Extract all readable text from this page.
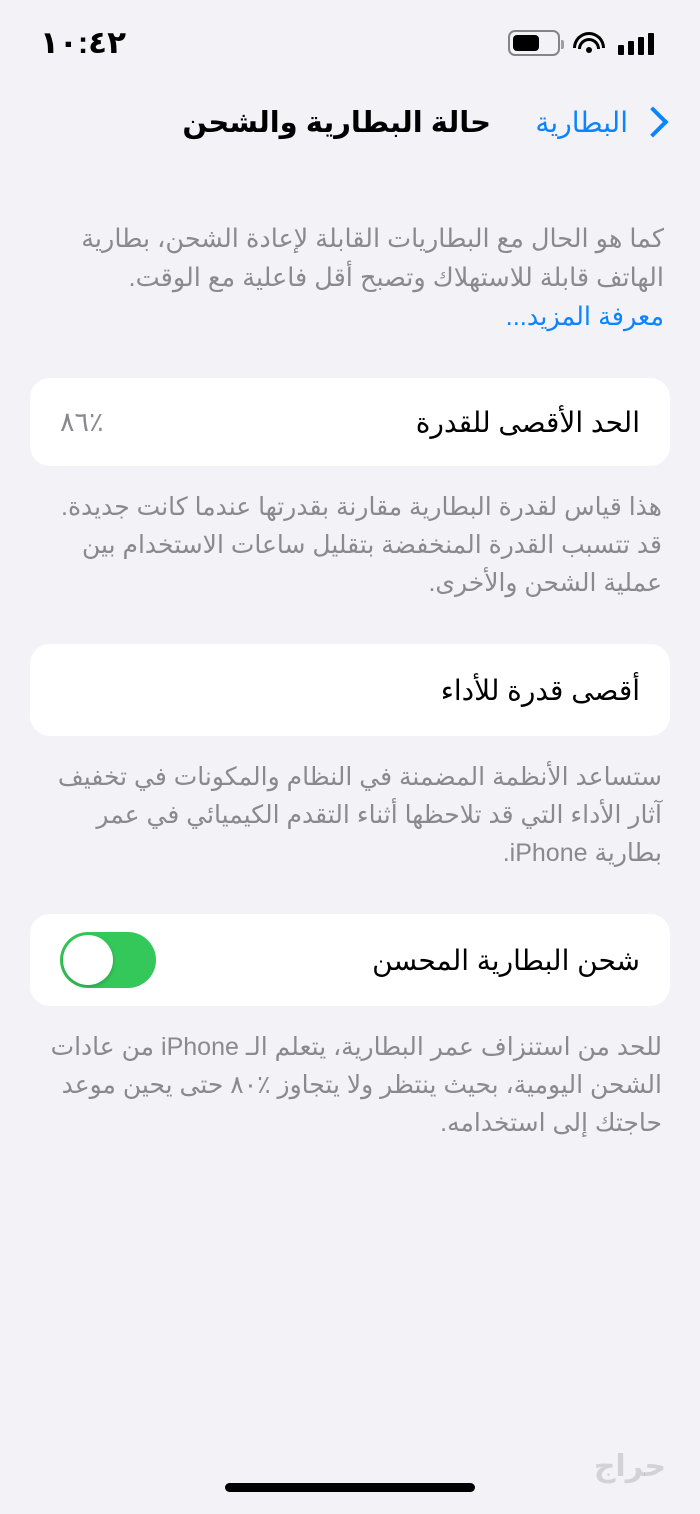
١٠:٤٢
البطارية
حالة البطارية والشحن
كما هو الحال مع البطاريات القابلة لإعادة الشحن، بطارية الهاتف قابلة للاستهلاك وتصبح أقل فاعلية مع الوقت.
معرفة المزيد...
الحد الأقصى للقدرة
٪٨٦
هذا قياس لقدرة البطارية مقارنة بقدرتها عندما كانت جديدة. قد تتسبب القدرة المنخفضة بتقليل ساعات الاستخدام بين عملية الشحن والأخرى.
أقصى قدرة للأداء
ستساعد الأنظمة المضمنة في النظام والمكونات في تخفيف آثار الأداء التي قد تلاحظها أثناء التقدم الكيميائي في عمر بطارية iPhone.
شحن البطارية المحسن
للحد من استنزاف عمر البطارية، يتعلم الـ iPhone من عادات الشحن اليومية، بحيث ينتظر ولا يتجاوز ٪٨٠ حتى يحين موعد حاجتك إلى استخدامه.
حراج
